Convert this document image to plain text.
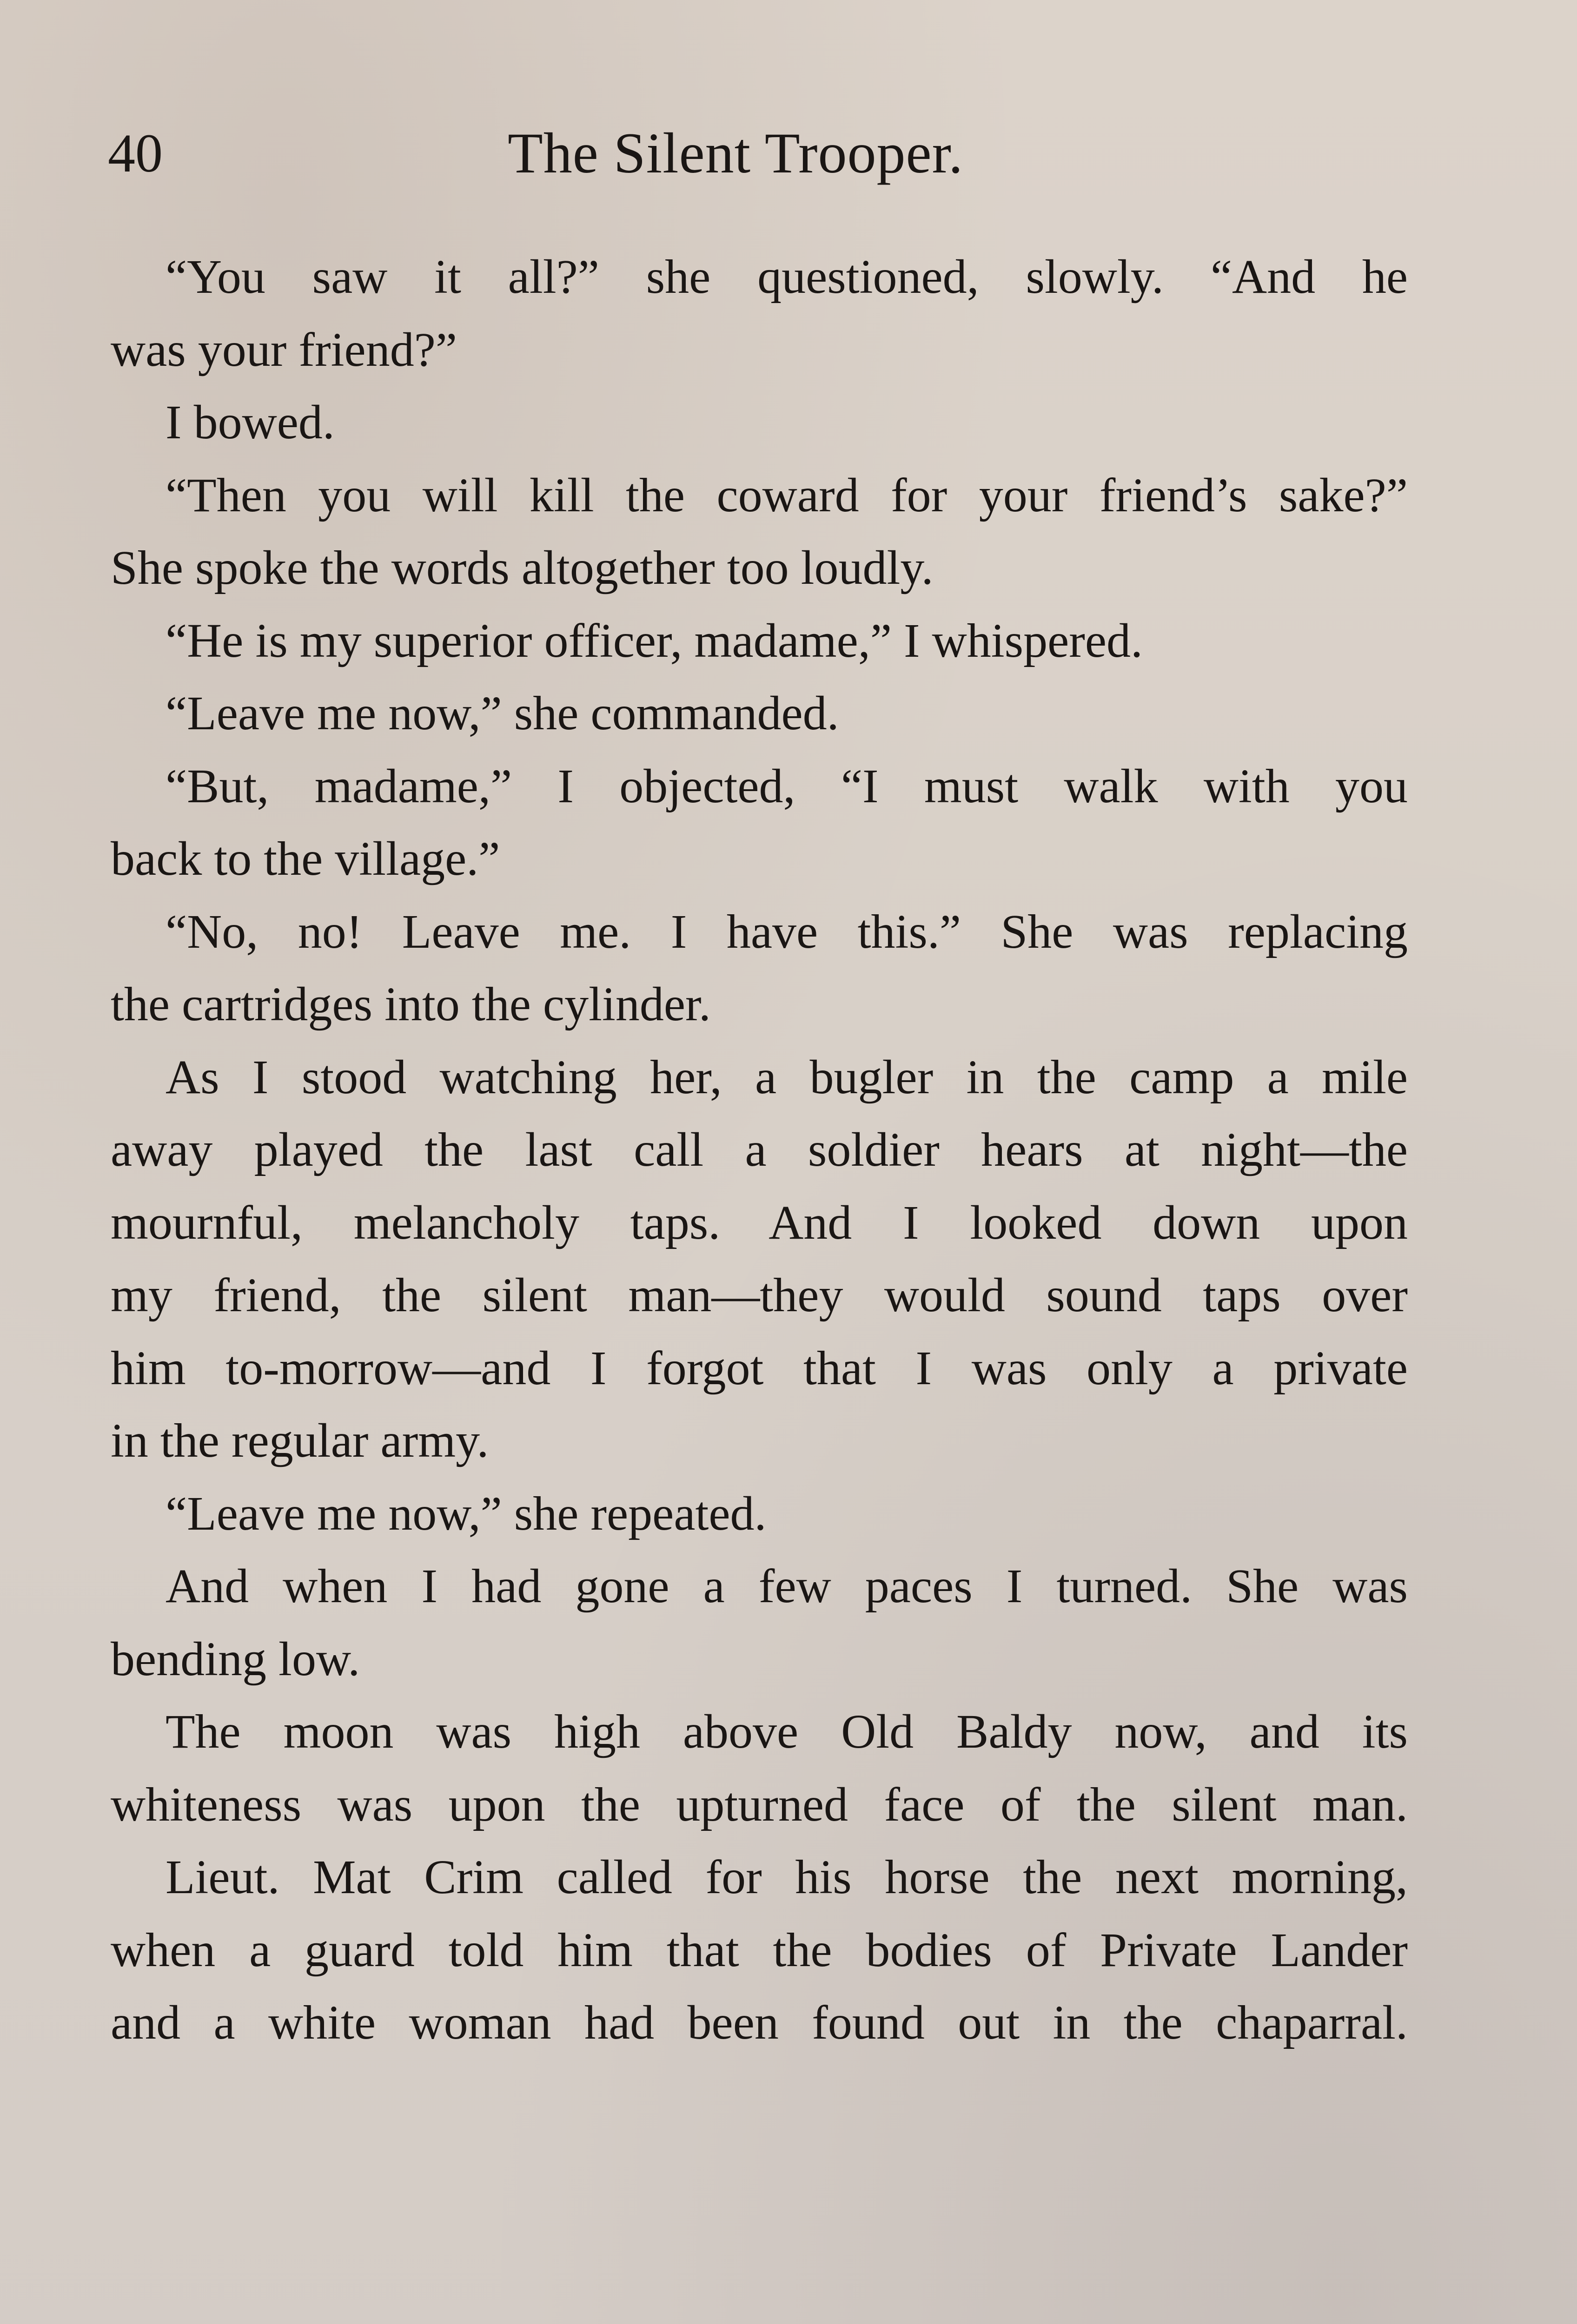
40	The Silent Trooper.
“You saw it all?” she questioned, slowly. “And he
was your friend?”
I bowed.
“Then you will kill the coward for your friend’s sake?”
She spoke the words altogether too loudly.
“He is my superior officer, madame,” I whispered.
“Leave me now,” she commanded.
“But, madame,” I objected, “I must walk with you
back to the village.”
“No, no! Leave me. I have this.” She was replacing
the cartridges into the cylinder.
As I stood watching her, a bugler in the camp a mile
away played the last call a soldier hears at night—the
mournful, melancholy taps. And I looked down upon
my friend, the silent man—they would sound taps over
him to-morrow—and I forgot that I was only a private
in the regular army.
“Leave me now,” she repeated.
And when I had gone a few paces I turned. She was
bending low.
The moon was high above Old Baldy now, and its
whiteness was upon the upturned face of the silent man.
Lieut. Mat Crim called for his horse the next morning,
when a guard told him that the bodies of Private Lander
and a white woman had been found out in the chaparral.
